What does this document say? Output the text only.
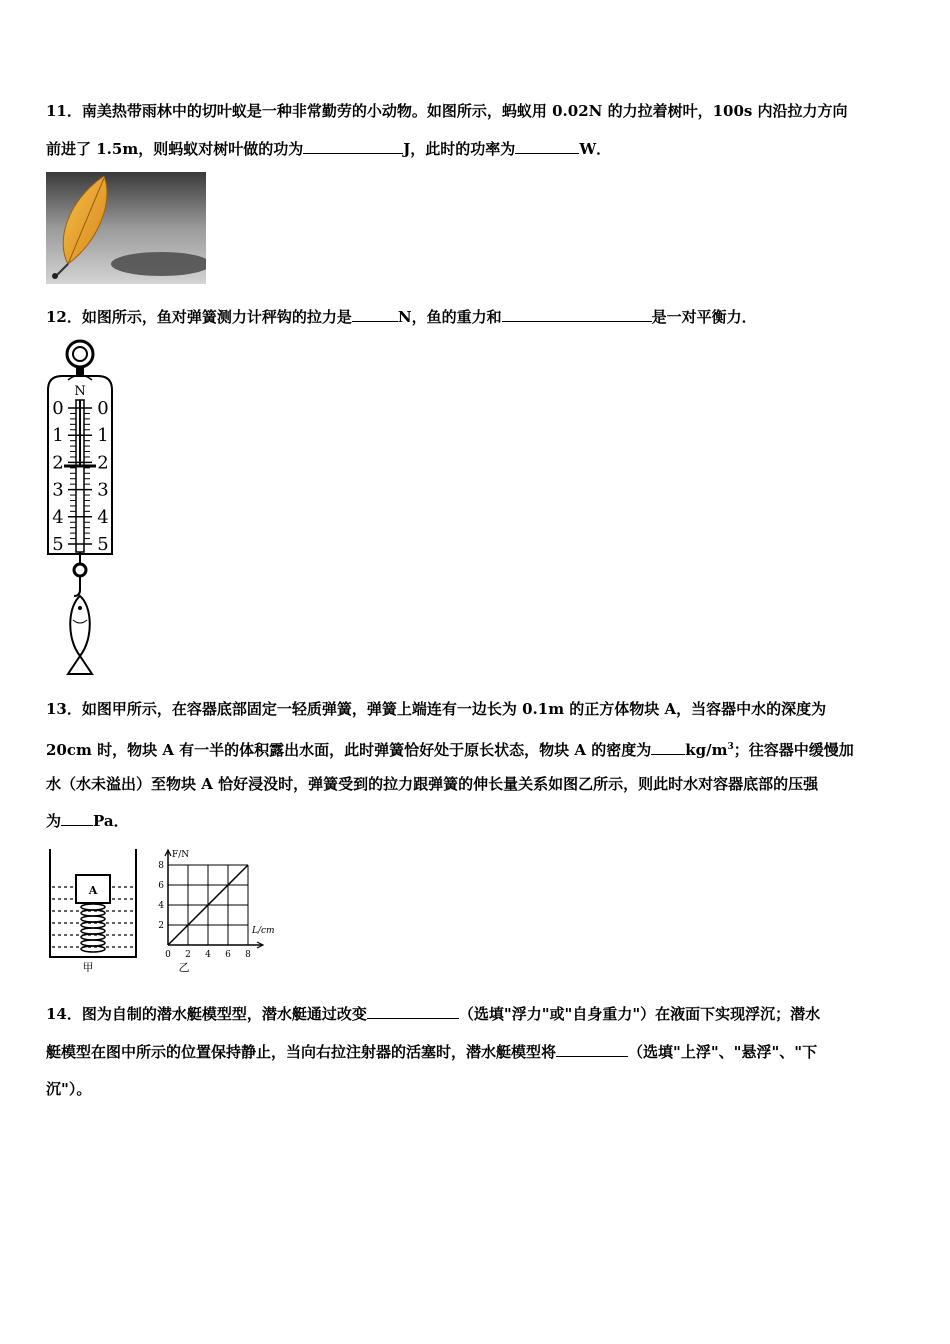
11．南美热带雨林中的切叶蚁是一种非常勤劳的小动物。如图所示，蚂蚁用 0.02N 的力拉着树叶，100s 内沿拉力方向
前进了 1.5m，则蚂蚁对树叶做的功为	J，此时的功率为	W．
12．如图所示，鱼对弹簧测力计秤钩的拉力是	N，鱼的重力和	是一对平衡力．
N
0 0
1 1
2 2
3 3
4 4
5 5
13．如图甲所示，在容器底部固定一轻质弹簧，弹簧上端连有一边长为 0.1m 的正方体物块 A，当容器中水的深度为
20cm 时，物块 A 有一半的体积露出水面，此时弹簧恰好处于原长状态，物块 A 的密度为 $kg/m^3$；往容器中缓慢加
水（水未溢出）至物块 A 恰好浸没时，弹簧受到的拉力跟弹簧的伸长量关系如图乙所示，则此时水对容器底部的压强
为 Pa．
A
甲	乙
0 2 4 6 8
2
4
6
8
F/N
L/cm
14．图为自制的潜水艇模型型，潜水艇通过改变	（选填"浮力"或"自身重力"）在液面下实现浮沉；潜水
艇模型在图中所示的位置保持静止，当向右拉注射器的活塞时，潜水艇模型将	（选填"上浮"、"悬浮"、"下
沉"）。
